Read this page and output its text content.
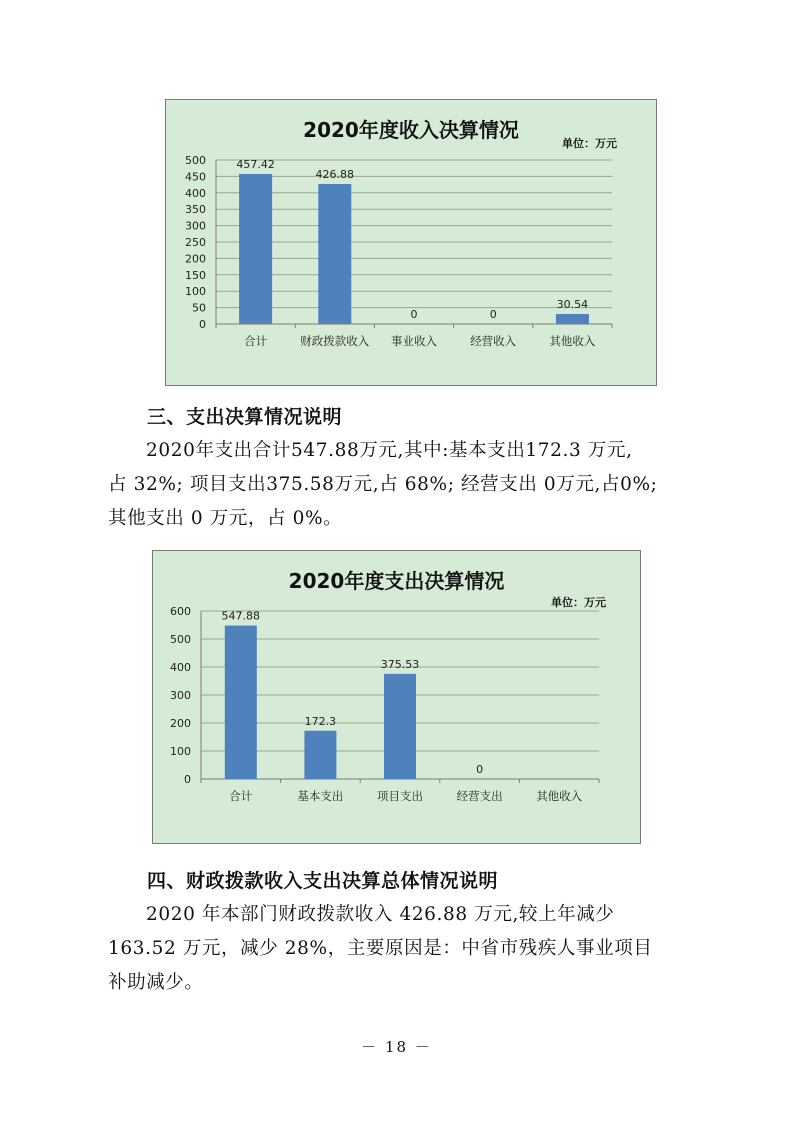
2020年度收入决算情况
单位：万元
0
50
100
150
200
250
300
350
400
450
500	457.42
合计
426.88
财政拨款收入
0
事业收入
0
经营收入
30.54
其他收入
三、支出决算情况说明
2020年支出合计547.88万元,其中:基本支出172.3 万元,
占 32%; 项目支出375.58万元,占 68%; 经营支出 0万元,占0%;
其他支出 0 万元，占 0%。
2020年度支出决算情况
单位：万元
0
100
200
300
400
500
600	547.88
合计
172.3
基本支出
375.53
项目支出
0
经营支出	其他收入
四、财政拨款收入支出决算总体情况说明
2020 年本部门财政拨款收入 426.88 万元,较上年减少
163.52 万元，减少 28%，主要原因是：中省市残疾人事业项目
补助减少。
－ 18 －
